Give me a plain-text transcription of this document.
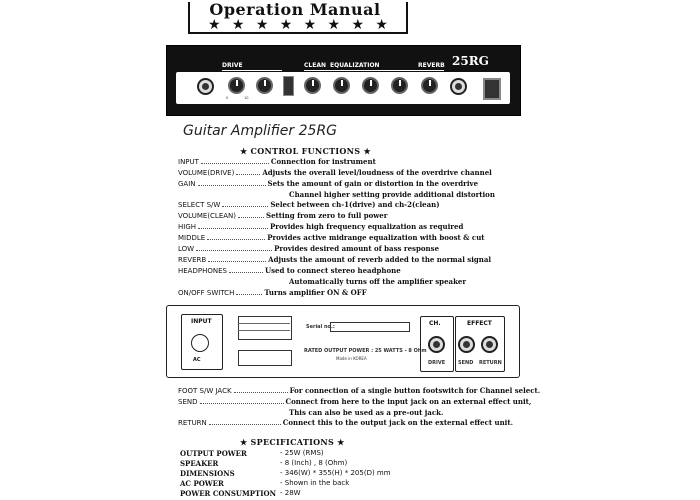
Operation Manual
★ ★ ★ ★ ★ ★ ★ ★
DRIVE	CLEAN EQUALIZATION	REVERB 25RG
0	10
INPUT	VOLUME	GAIN	VOLUME	HIGH	MID	LOW	VOLUME	PHONES	POWER
Guitar Amplifier 25RG
★ CONTROL FUNCTIONS ★
INPUT	Connection for instrument
VOLUME(DRIVE)	Adjusts the overall level/loudness of the overdrive channel
GAIN	Sets the amount of gain or distortion in the overdrive
Channel higher setting provide additional distortion
SELECT S/W	Select between ch-1(drive) and ch-2(clean)
VOLUME(CLEAN)	Setting from zero to full power
HIGH	Provides high frequency equalization as required
MIDDLE	Provides active midrange equalization with boost & cut
LOW	Provides desired amount of bass response
REVERB	Adjusts the amount of reverb added to the normal signal
HEADPHONES	Used to connect stereo headphone
Automatically turns off the amplifier speaker
ON/OFF SWITCH	Turns amplifier ON & OFF
INPUT
AC
Serial no.:
RATED OUTPUT POWER : 25 WATTS - 8 Ohm
Made in KOREA
CH.
DRIVE
EFFECT
SEND RETURN
FOOT S/W JACK	For connection of a single button footswitch for Channel select.
SEND	Connect from here to the input jack on an external effect unit,
This can also be used as a pre-out jack.
RETURN	Connect this to the output jack on the external effect unit.
★ SPECIFICATIONS ★
OUTPUT POWER	- 25W (RMS)
SPEAKER	- 8 (Inch) , 8 (Ohm)
DIMENSIONS	- 346(W) * 355(H) * 205(D) mm
AC POWER	- Shown in the back
POWER CONSUMPTION - 28W
